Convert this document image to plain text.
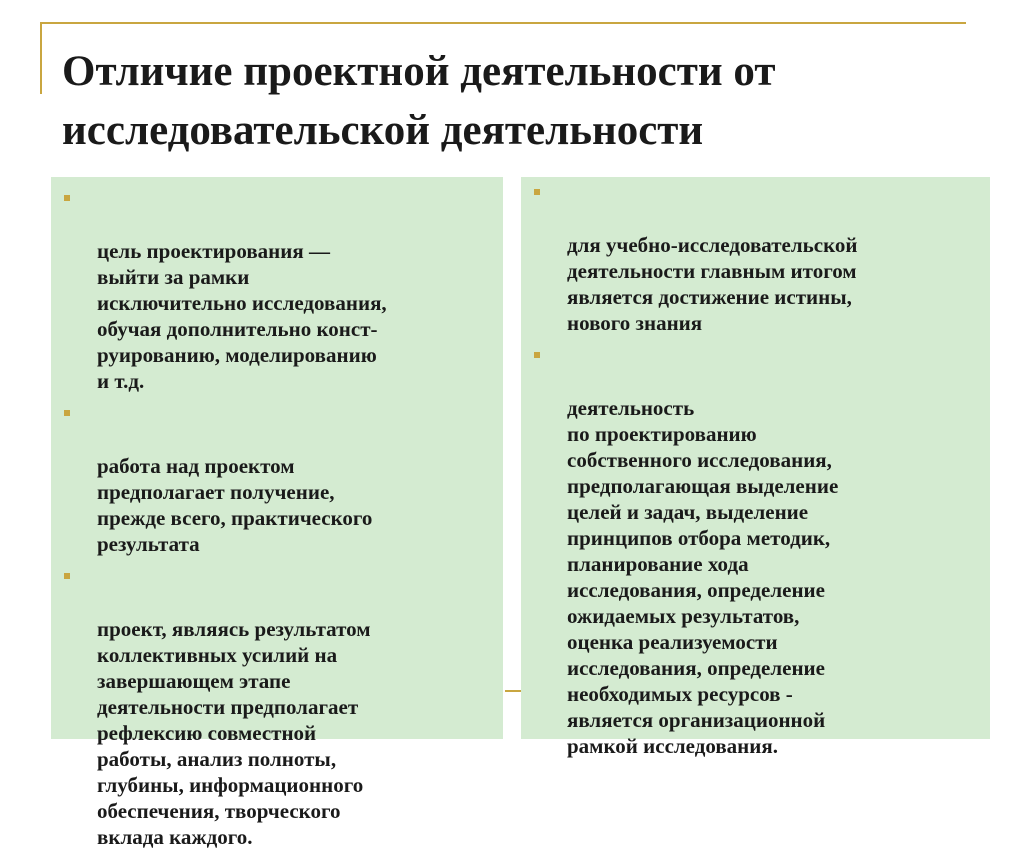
Отличие проектной деятельности от
исследовательской деятельности

цель проектирования —
выйти за рамки
исключительно исследования,
обучая дополнительно конст-
руированию, моделированию
и т.д.

работа над проектом
предполагает получение,
прежде всего, практического
результата

проект, являясь результатом
коллективных усилий на
завершающем этапе
деятельности предполагает
рефлексию совместной
работы, анализ полноты,
глубины, информационного
обеспечения, творческого
вклада каждого.

для учебно-исследовательской
деятельности главным итогом
является достижение истины,
нового знания

деятельность
по проектированию
собственного исследования,
предполагающая выделение
целей и задач, выделение
принципов отбора методик,
планирование хода
исследования, определение
ожидаемых результатов,
оценка реализуемости
исследования, определение
необходимых ресурсов -
является организационной
рамкой исследования.
